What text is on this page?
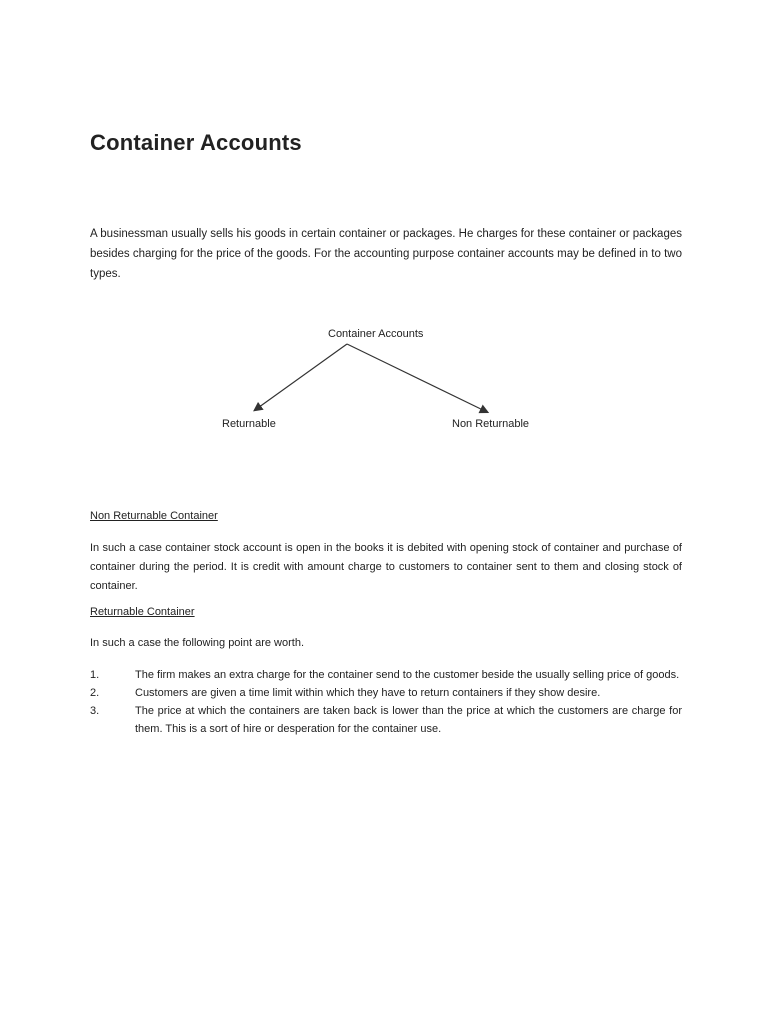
Container Accounts

A businessman usually sells his goods in certain container or packages. He charges for these container or packages besides charging for the price of the goods. For the accounting purpose container accounts may be defined in to two types.

Container Accounts
Returnable	Non Returnable
Non Returnable Container

In such a case container stock account is open in the books it is debited with opening stock of container and purchase of container during the period. It is credit with amount charge to customers to container sent to them and closing stock of container.

Returnable Container

In such a case the following point are worth.

1.	The firm makes an extra charge for the container send to the customer beside the usually selling price of goods.
2.	Customers are given a time limit within which they have to return containers if they show desire.
3.	The price at which the containers are taken back is lower than the price at which the customers are charge for them. This is a sort of hire or desperation for the container use.
